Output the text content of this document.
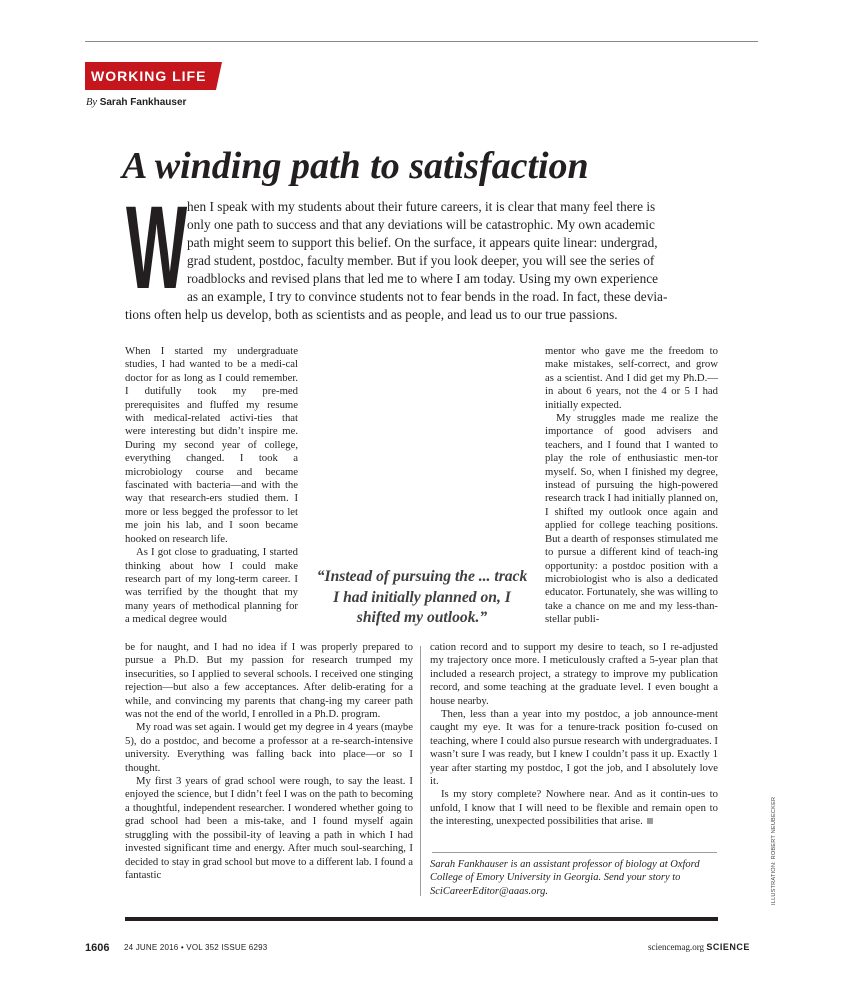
WORKING LIFE
By Sarah Fankhauser
A winding path to satisfaction
W hen I speak with my students about their future careers, it is clear that many feel there is
only one path to success and that any deviations will be catastrophic. My own academic
path might seem to support this belief. On the surface, it appears quite linear: undergrad,
grad student, postdoc, faculty member. But if you look deeper, you will see the series of
roadblocks and revised plans that led me to where I am today. Using my own experience
as an example, I try to convince students not to fear bends in the road. In fact, these devia-
tions often help us develop, both as scientists and as people, and lead us to our true passions.

When I started my undergraduate studies, I had wanted to be a medi-cal doctor for as long as I could remember. I dutifully took my pre-med prerequisites and fluffed my resume with medical-related activi-ties that were interesting but didn’t inspire me. During my second year of college, everything changed. I took a microbiology course and became fascinated with bacteria—and with the way that research-ers studied them. I more or less begged the professor to let me join his lab, and I soon became hooked on research life.

As I got close to graduating, I started thinking about how I could make research part of my long-term career. I was terrified by the thought that my many years of methodical planning for a medical degree would

be for naught, and I had no idea if I was properly prepared to pursue a Ph.D. But my passion for research trumped my insecurities, so I applied to several schools. I received one stinging rejection—but also a few acceptances. After delib-erating for a while, and convincing my parents that chang-ing my career path was not the end of the world, I enrolled in a Ph.D. program.

My road was set again. I would get my degree in 4 years (maybe 5), do a postdoc, and become a professor at a re-search-intensive university. Everything was falling back into place—or so I thought.

My first 3 years of grad school were rough, to say the least. I enjoyed the science, but I didn’t feel I was on the path to becoming a thoughtful, independent researcher. I wondered whether going to grad school had been a mis-take, and I found myself again struggling with the possibil-ity of leaving a path in which I had invested significant time and energy. After much soul-searching, I decided to stay in grad school but move to a different lab. I found a fantastic

mentor who gave me the freedom to make mistakes, self-correct, and grow as a scientist. And I did get my Ph.D.—in about 6 years, not the 4 or 5 I had initially expected.

My struggles made me realize the importance of good advisers and teachers, and I found that I wanted to play the role of enthusiastic men-tor myself. So, when I finished my degree, instead of pursuing the high-powered research track I had initially planned on, I shifted my outlook once again and applied for college teaching positions. But a dearth of responses stimulated me to pursue a different kind of teach-ing opportunity: a postdoc position with a microbiologist who is also a dedicated educator. Fortunately, she was willing to take a chance on me and my less-than-stellar publi-

cation record and to support my desire to teach, so I re-adjusted my trajectory once more. I meticulously crafted a 5-year plan that included a research project, a strategy to improve my publication record, and some teaching at the graduate level. I even bought a house nearby.

Then, less than a year into my postdoc, a job announce-ment caught my eye. It was for a tenure-track position fo-cused on teaching, where I could also pursue research with undergraduates. I wasn’t sure I was ready, but I knew I couldn’t pass it up. Exactly 1 year after starting my postdoc, I got the job, and I absolutely love it.

Is my story complete? Nowhere near. And as it contin-ues to unfold, I know that I will need to be flexible and remain open to the interesting, unexpected possibilities that arise.

“Instead of pursuing the ... track I had initially planned on, I shifted my outlook.”
Sarah Fankhauser is an assistant professor of biology at Oxford College of Emory University in Georgia. Send your story to SciCareerEditor@aaas.org.
1606 24 JUNE 2016 • VOL 352 ISSUE 6293	sciencemag.org SCIENCE
ILLUSTRATION: ROBERT NEUBECKER
